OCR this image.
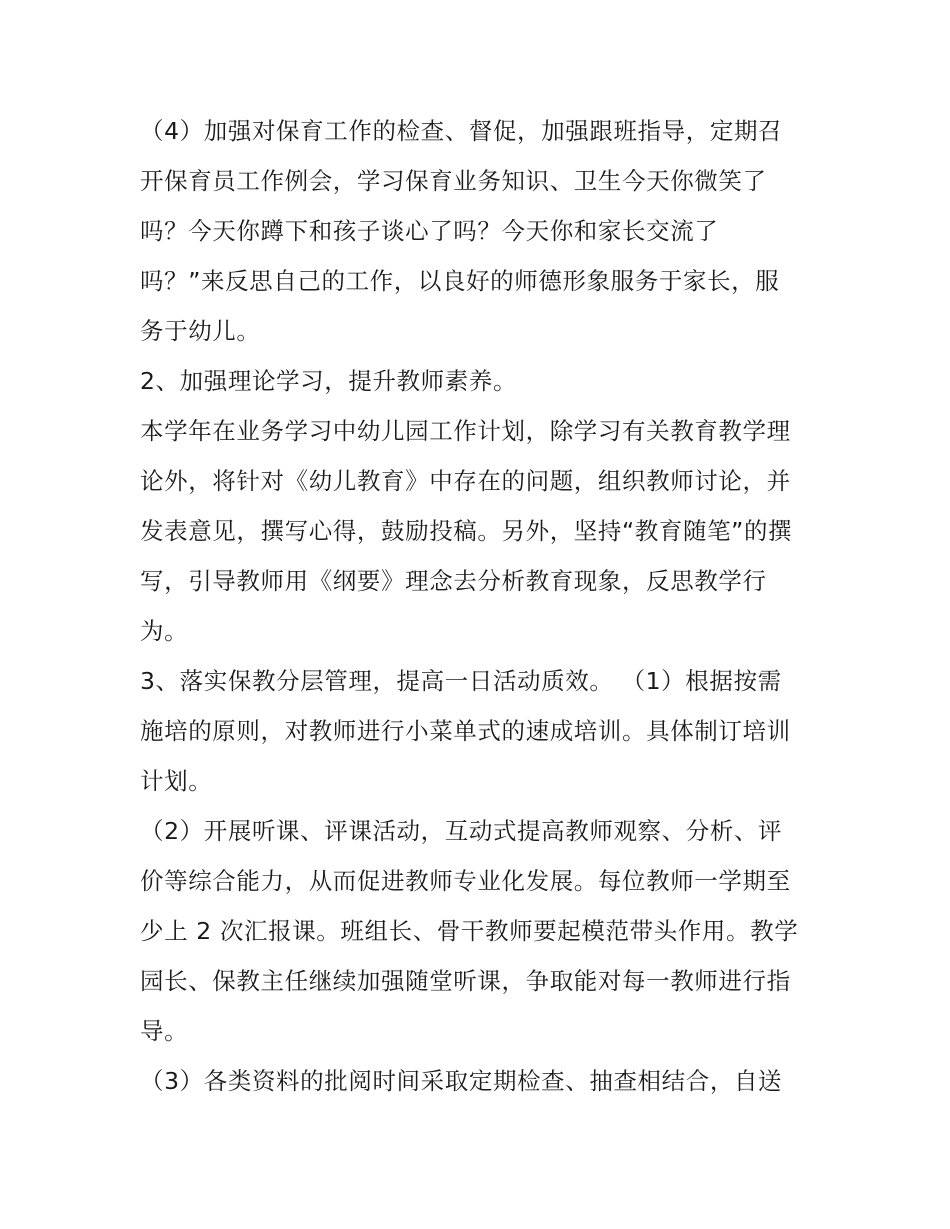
（4）加强对保育工作的检查、督促，加强跟班指导，定期召
开保育员工作例会，学习保育业务知识、卫生今天你微笑了
吗？今天你蹲下和孩子谈心了吗？今天你和家长交流了
吗？”来反思自己的工作，以良好的师德形象服务于家长，服
务于幼儿。
2、加强理论学习，提升教师素养。
本学年在业务学习中幼儿园工作计划，除学习有关教育教学理
论外，将针对《幼儿教育》中存在的问题，组织教师讨论，并
发表意见，撰写心得，鼓励投稿。另外，坚持“教育随笔”的撰
写，引导教师用《纲要》理念去分析教育现象，反思教学行
为。
3、落实保教分层管理，提高一日活动质效。 （1）根据按需
施培的原则，对教师进行小菜单式的速成培训。具体制订培训
计划。
（2）开展听课、评课活动，互动式提高教师观察、分析、评
价等综合能力，从而促进教师专业化发展。每位教师一学期至
少上 2 次汇报课。班组长、骨干教师要起模范带头作用。教学
园长、保教主任继续加强随堂听课，争取能对每一教师进行指
导。
（3）各类资料的批阅时间采取定期检查、抽查相结合，自送
